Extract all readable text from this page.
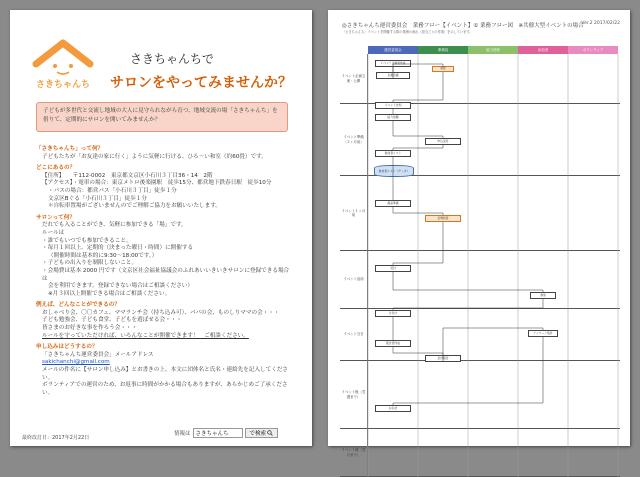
さきちゃんち
さきちゃんちで
サロンをやってみませんか？
子どもが多世代と交流し地域の大人に見守られながら育つ、地域交流の場「さきちゃんち」を借りて、定期的にサロンを開いてみませんか？
「さきちゃんち」って何？
子どもたちが「お友達の家に行く」ように気軽に行ける、ひろ〜い和室（約60畳）です。
どこにあるの？
【住所】　　〒112-0002　東京都文京区小石川３丁目36・14　2階
【アクセス】・電車の場合：東京メトロ後楽園駅　徒歩15分、都営地下鉄春日駅　徒歩10分
・バスの場合：都営バス「小石川３丁目」徒歩１分
文京区Bぐる「小石川３丁目」徒歩１分
＊自転車置場がございませんのでご理解ご協力をお願いいたします。
サロンって何？
だれでも入ることができ、気軽に参加できる「場」です。
ルールは
・誰でもいつでも参加できること。
・毎月１回以上、定期的（決まった曜日・時間）に開催する
（開催時間は基本的に9:30〜18:00です。）
・子どもの出入りを制限しないこと。
・会場費は基本 2000 円です（文京区社会福祉協議会のふれあいいきいきサロンに登録できる場合は
会を利用できます。登録できない場合はご相談ください）
※月３回以上開催できる場合はご相談ください。
例えば、どんなことができるの？
おしゃべり会、〇〇カフェ、ママランチ会（持ち込み可）、パパの会、ものしりママの会・・・
子ども勉強会、子ども食堂、子どもを遊ばせる会・・・
皆さまのお好きな事を作ろう会・・・
ルールを守っていただければ、いろんなことが開催できます！　ご相談ください。
申し込みはどうするの？
「さきちゃんち運営委員会」メールアドレス
sakichanchi@gmail.com
メールの件名に【サロン申し込み】とお書きの上、本文に団体名と氏名・連絡先を記入してください。
ボランティアでの運営のため、お返事に時間がかかる場合もありますが、あらかじめご了承ください。
最終改訂日：2017年2月22日
情報は
さきちゃんち	で検索
◎さきちゃんち運営委員会　業務フロー【イベント】① 業務フロー図　※共催大型イベントの場合
Ver.2 2017/02/22
「さきちゃんち」イベントを開催する際の業務の流れ（担当ごとの作業）を示しています。
運営委員会	事務局	協力団体	参加者	ボランティア
イベント企画立案・公開
イベント準備（２ヶ月前）
イベント１ヶ月前
イベント直前
イベント当日
イベント後（翌週まで）
イベント後（翌月まで）
イベント企画案作成
企画会議
承認
イベント告知
協力依頼
申込受付
参加者リスト
備品準備
会場設営
受付
参加
片付け
報告書作成
会計報告
アンケート集計
お礼状
参加者リスト（データ）
